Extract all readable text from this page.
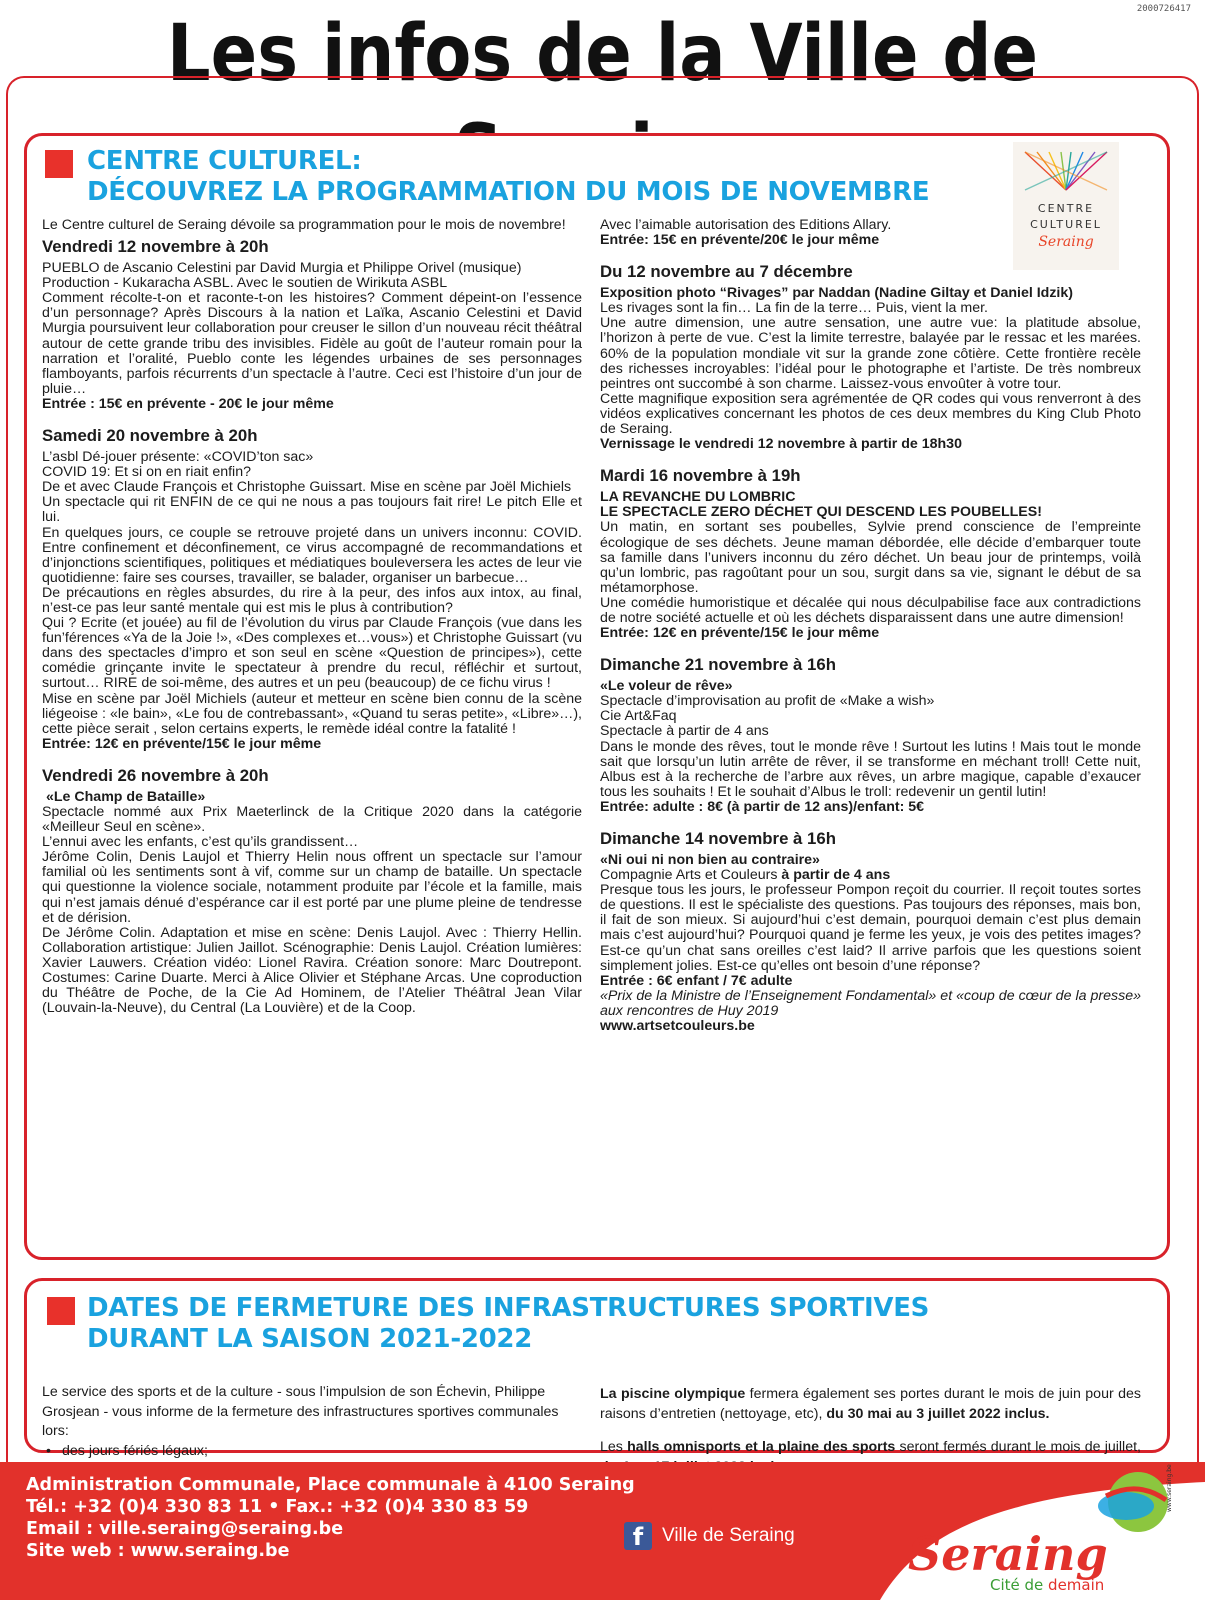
2000726417
Les infos de la Ville de
CENTRE CULTUREL:
DÉCOUVREZ LA PROGRAMMATION DU MOIS DE NOVEMBRE
CENTRE
CULTUREL
Seraing

Le Centre culturel de Seraing dévoile sa programmation pour le mois de novembre!

Vendredi 12 novembre à 20h

PUEBLO de Ascanio Celestini par David Murgia et Philippe Orivel (musique)

Production - Kukaracha ASBL. Avec le soutien de Wirikuta ASBL

Comment récolte-t-on et raconte-t-on les histoires? Comment dépeint-on l’essence d’un personnage? Après Discours à la nation et Laïka, Ascanio Celestini et David Murgia poursuivent leur collaboration pour creuser le sillon d’un nouveau récit théâtral autour de cette grande tribu des invisibles. Fidèle au goût de l’auteur romain pour la narration et l’oralité, Pueblo conte les légendes urbaines de ses personnages flamboyants, parfois récurrents d’un spectacle à l’autre. Ceci est l’histoire d’un jour de pluie…

Entrée : 15€ en prévente - 20€ le jour même

Samedi 20 novembre à 20h

L’asbl Dé-jouer présente: «COVID’ton sac»

COVID 19: Et si on en riait enfin?

De et avec Claude François et Christophe Guissart. Mise en scène par Joël Michiels

Un spectacle qui rit ENFIN de ce qui ne nous a pas toujours fait rire! Le pitch Elle et lui.

En quelques jours, ce couple se retrouve projeté dans un univers inconnu: COVID. Entre confinement et déconfinement, ce virus accompagné de recommandations et d’injonctions scientifiques, politiques et médiatiques bouleversera les actes de leur vie quotidienne: faire ses courses, travailler, se balader, organiser un barbecue…

De précautions en règles absurdes, du rire à la peur, des infos aux intox, au final, n’est-ce pas leur santé mentale qui est mis le plus à contribution?

Qui ? Ecrite (et jouée) au fil de l’évolution du virus par Claude François (vue dans les fun’férences «Ya de la Joie !», «Des complexes et…vous») et Christophe Guissart (vu dans des spectacles d’impro et son seul en scène «Question de principes»), cette comédie grinçante invite le spectateur à prendre du recul, réfléchir et surtout, surtout… RIRE de soi-même, des autres et un peu (beaucoup) de ce fichu virus !

Mise en scène par Joël Michiels (auteur et metteur en scène bien connu de la scène liégeoise : «le bain», «Le fou de contrebassant», «Quand tu seras petite», «Libre»…), cette pièce serait , selon certains experts, le remède idéal contre la fatalité !

Entrée: 12€ en prévente/15€ le jour même

Vendredi 26 novembre à 20h

«Le Champ de Bataille»

Spectacle nommé aux Prix Maeterlinck de la Critique 2020 dans la catégorie «Meilleur Seul en scène».

L’ennui avec les enfants, c’est qu’ils grandissent…

Jérôme Colin, Denis Laujol et Thierry Helin nous offrent un spectacle sur l’amour familial où les sentiments sont à vif, comme sur un champ de bataille. Un spectacle qui questionne la violence sociale, notamment produite par l’école et la famille, mais qui n’est jamais dénué d’espérance car il est porté par une plume pleine de tendresse et de dérision.

De Jérôme Colin. Adaptation et mise en scène: Denis Laujol. Avec : Thierry Hellin. Collaboration artistique: Julien Jaillot. Scénographie: Denis Laujol. Création lumières: Xavier Lauwers. Création vidéo: Lionel Ravira. Création sonore: Marc Doutrepont. Costumes: Carine Duarte. Merci à Alice Olivier et Stéphane Arcas. Une coproduction du Théâtre de Poche, de la Cie Ad Hominem, de l’Atelier Théâtral Jean Vilar (Louvain-la-Neuve), du Central (La Louvière) et de la Coop.

Avec l’aimable autorisation des Editions Allary.

Entrée: 15€ en prévente/20€ le jour même

Du 12 novembre au 7 décembre

Exposition photo “Rivages” par Naddan (Nadine Giltay et Daniel Idzik)

Les rivages sont la fin… La fin de la terre… Puis, vient la mer.

Une autre dimension, une autre sensation, une autre vue: la platitude absolue, l’horizon à perte de vue. C’est la limite terrestre, balayée par le ressac et les marées. 60% de la population mondiale vit sur la grande zone côtière. Cette frontière recèle des richesses incroyables: l’idéal pour le photographe et l’artiste. De très nombreux peintres ont succombé à son charme. Laissez-vous envoûter à votre tour.

Cette magnifique exposition sera agrémentée de QR codes qui vous renverront à des vidéos explicatives concernant les photos de ces deux membres du King Club Photo de Seraing.

Vernissage le vendredi 12 novembre à partir de 18h30

Mardi 16 novembre à 19h

LA REVANCHE DU LOMBRIC

LE SPECTACLE ZERO DÉCHET QUI DESCEND LES POUBELLES!

Un matin, en sortant ses poubelles, Sylvie prend conscience de l’empreinte écologique de ses déchets. Jeune maman débordée, elle décide d’embarquer toute sa famille dans l’univers inconnu du zéro déchet. Un beau jour de printemps, voilà qu’un lombric, pas ragoûtant pour un sou, surgit dans sa vie, signant le début de sa métamorphose.

Une comédie humoristique et décalée qui nous déculpabilise face aux contradictions de notre société actuelle et où les déchets disparaissent dans une autre dimension!

Entrée: 12€ en prévente/15€ le jour même

Dimanche 21 novembre à 16h

«Le voleur de rêve»

Spectacle d’improvisation au profit de «Make a wish»

Cie Art&Faq

Spectacle à partir de 4 ans

Dans le monde des rêves, tout le monde rêve ! Surtout les lutins ! Mais tout le monde sait que lorsqu’un lutin arrête de rêver, il se transforme en méchant troll! Cette nuit, Albus est à la recherche de l’arbre aux rêves, un arbre magique, capable d’exaucer tous les souhaits ! Et le souhait d’Albus le troll: redevenir un gentil lutin!

Entrée: adulte : 8€ (à partir de 12 ans)/enfant: 5€

Dimanche 14 novembre à 16h

«Ni oui ni non bien au contraire»

Compagnie Arts et Couleurs à partir de 4 ans

Presque tous les jours, le professeur Pompon reçoit du courrier. Il reçoit toutes sortes de questions. Il est le spécialiste des questions. Pas toujours des réponses, mais bon, il fait de son mieux. Si aujourd’hui c’est demain, pourquoi demain c’est plus demain mais c’est aujourd’hui? Pourquoi quand je ferme les yeux, je vois des petites images? Est-ce qu’un chat sans oreilles c’est laid? Il arrive parfois que les questions soient simplement jolies. Est-ce qu’elles ont besoin d’une réponse?

Entrée : 6€ enfant / 7€ adulte

«Prix de la Ministre de l’Enseignement Fondamental» et «coup de cœur de la presse» aux rencontres de Huy 2019

www.artsetcouleurs.be

DATES DE FERMETURE DES INFRASTRUCTURES SPORTIVES
DURANT LA SAISON 2021-2022

Le service des sports et de la culture - sous l’impulsion de son Échevin, Philippe Grosjean - vous informe de la fermeture des infrastructures sportives communales lors:

• des jours fériés légaux;
•

La piscine olympique fermera également ses portes durant le mois de juin pour des raisons d’entretien (nettoyage, etc), du 30 mai au 3 juillet 2022 inclus.

Les halls omnisports et la plaine des sports seront fermés durant le mois de juillet,

Administration Communale, Place communale à 4100 Seraing
Tél.: +32 (0)4 330 83 11 • Fax.: +32 (0)4 330 83 59
Email : ville.seraing@seraing.be
Site web : www.seraing.be	f Ville de Seraing
www.seraing.be
Seraing
Cité de demain
